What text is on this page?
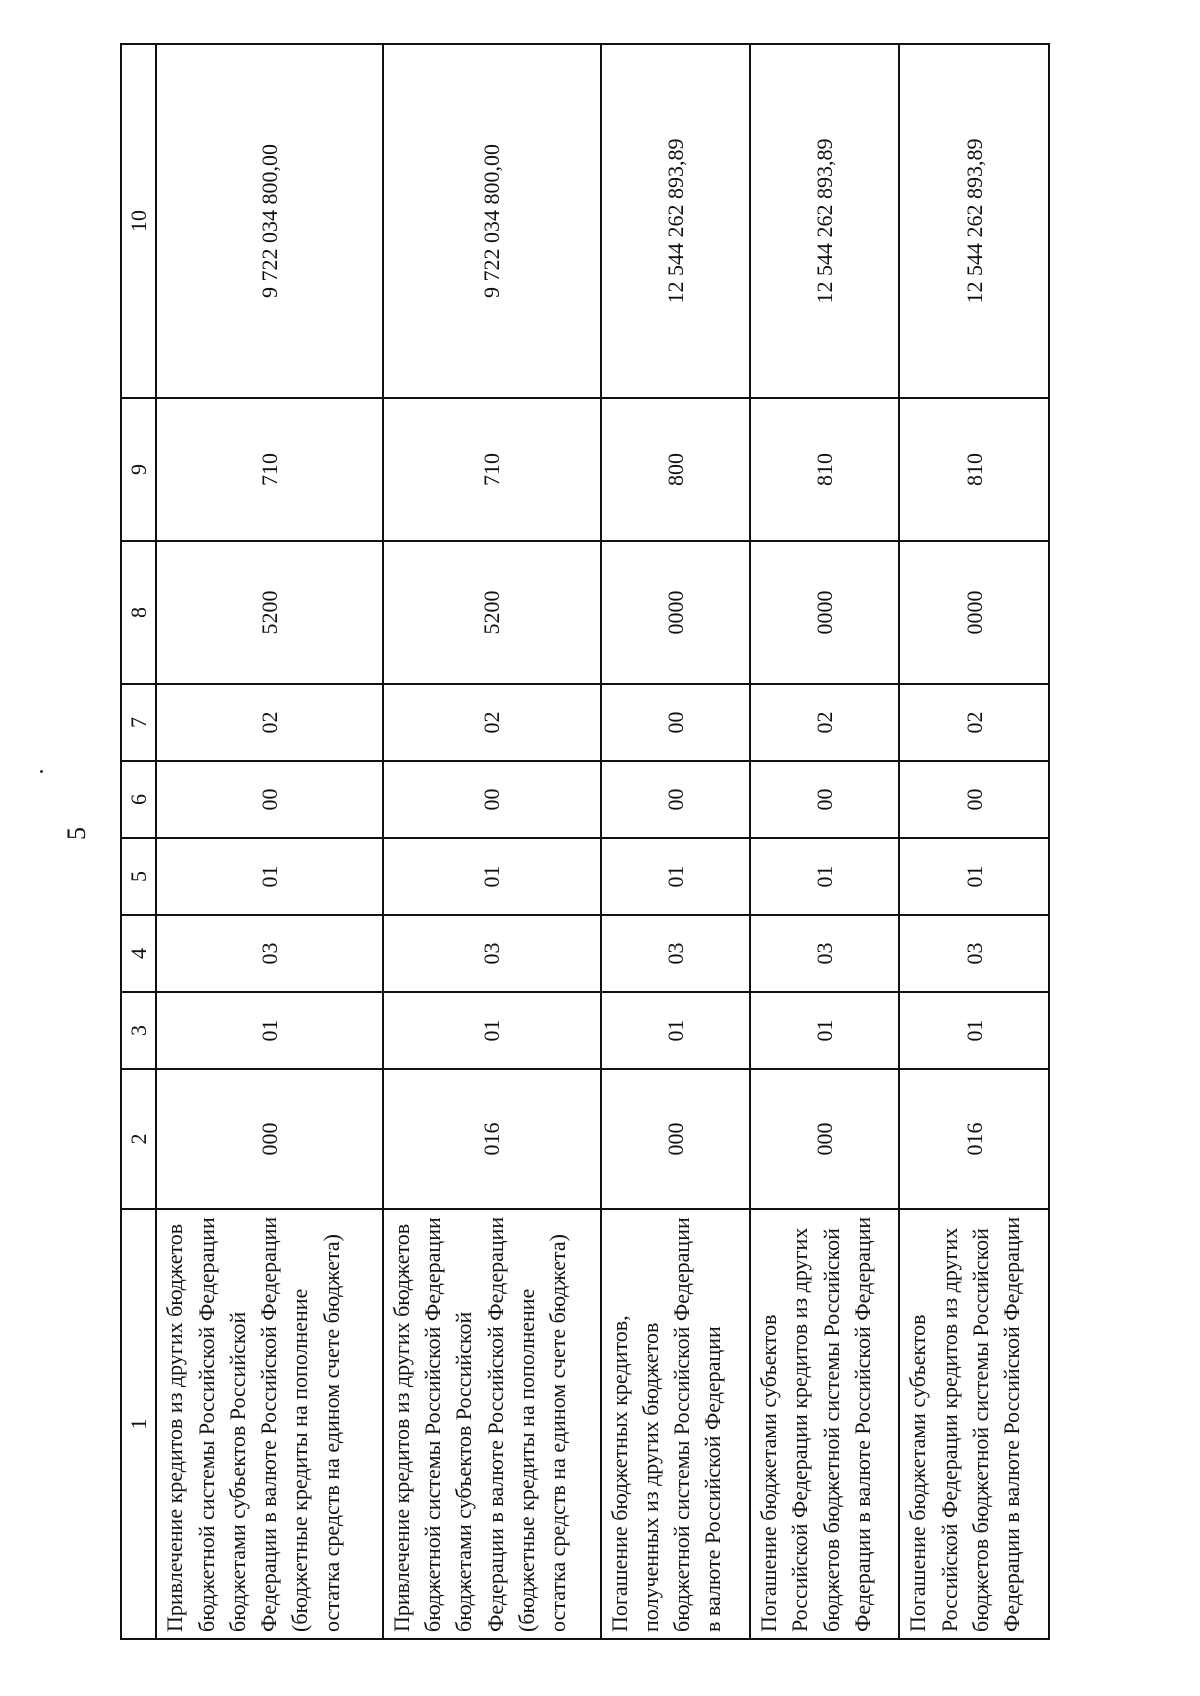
5
1	2	3	4	5	6	7	8	9	10
Привлечение кредитов из других бюджетов бюджетной системы Российской Федерации бюджетами субъектов Российской Федерации в валюте Российской Федерации (бюджетные кредиты на пополнение остатка средств на едином счете бюджета)	000	01	03	01	00	02	5200	710	9 722 034 800,00
Привлечение кредитов из других бюджетов бюджетной системы Российской Федерации бюджетами субъектов Российской Федерации в валюте Российской Федерации (бюджетные кредиты на пополнение остатка средств на едином счете бюджета)	016	01	03	01	00	02	5200	710	9 722 034 800,00
Погашение бюджетных кредитов, полученных из других бюджетов бюджетной системы Российской Федерации в валюте Российской Федерации	000	01	03	01	00	00	0000	800	12 544 262 893,89
Погашение бюджетами субъектов Российской Федерации кредитов из других бюджетов бюджетной системы Российской Федерации в валюте Российской Федерации	000	01	03	01	00	02	0000	810	12 544 262 893,89
Погашение бюджетами субъектов Российской Федерации кредитов из других бюджетов бюджетной системы Российской Федерации в валюте Российской Федерации	016	01	03	01	00	02	0000	810	12 544 262 893,89
